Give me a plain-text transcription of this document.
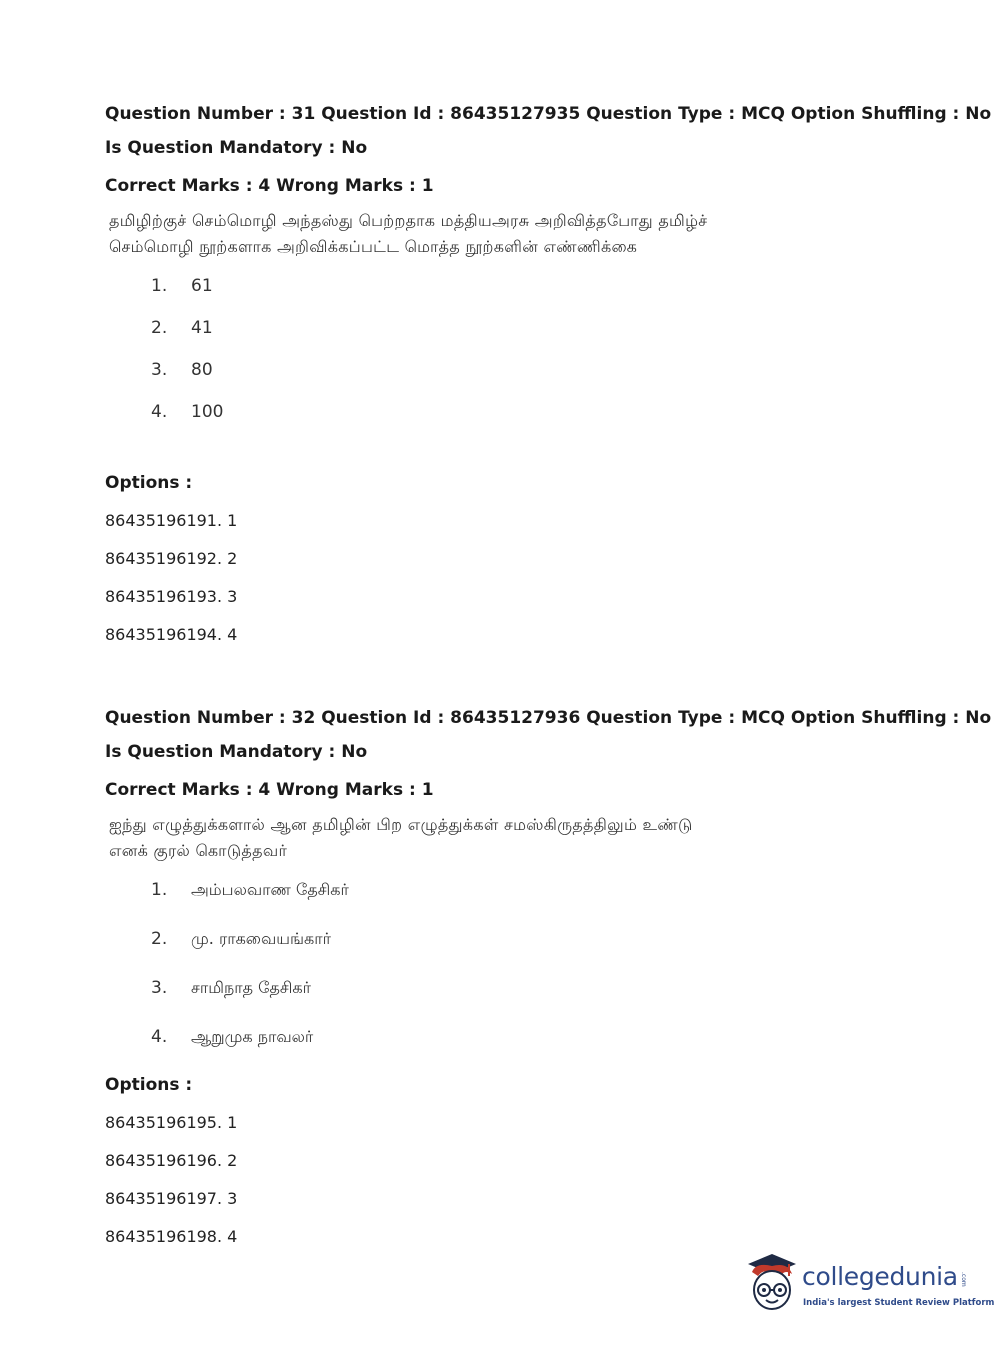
Question Number : 31 Question Id : 86435127935 Question Type : MCQ Option Shuffling : No

Is Question Mandatory : No

Correct Marks : 4 Wrong Marks : 1

தமிழிற்குச் செம்மொழி அந்தஸ்து பெற்றதாக மத்தியஅரசு அறிவித்தபோது தமிழ்ச் செம்மொழி நூற்களாக அறிவிக்கப்பட்ட மொத்த நூற்களின் எண்ணிக்கை
1.	61
2.	41
3.	80
4.	100

Options :

86435196191. 1
86435196192. 2
86435196193. 3
86435196194. 4

Question Number : 32 Question Id : 86435127936 Question Type : MCQ Option Shuffling : No

Is Question Mandatory : No

Correct Marks : 4 Wrong Marks : 1

ஐந்து எழுத்துக்களால் ஆன தமிழின் பிற எழுத்துக்கள் சமஸ்கிருதத்திலும் உண்டு எனக் குரல் கொடுத்தவர்
1.	அம்பலவாண தேசிகர்
2.	மு. ராகவையங்கார்
3.	சாமிநாத தேசிகர்
4.	ஆறுமுக நாவலர்

Options :

86435196195. 1
86435196196. 2
86435196197. 3
86435196198. 4
collegedunia .com
India's largest Student Review Platform
